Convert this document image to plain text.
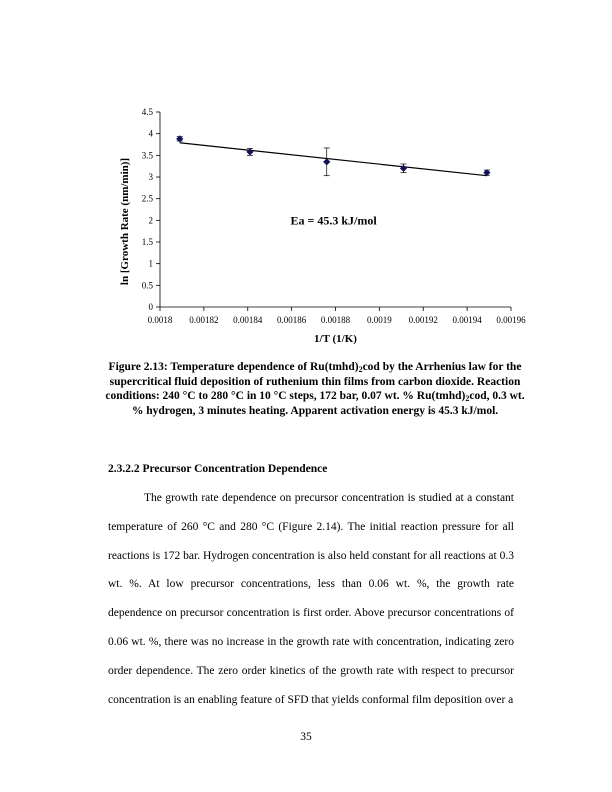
0
0.5
1
1.5
2
2.5
3
3.5
4
4.5
0.0018 0.00182 0.00184 0.00186 0.00188 0.0019 0.00192 0.00194 0.00196
Ea = 45.3 kJ/mol
1/T (1/K)
ln [Growth Rate (nm/min)]
Figure 2.13: Temperature dependence of $Ru(tmhd)_2cod$ by the Arrhenius law for the supercritical fluid deposition of ruthenium thin films from carbon dioxide. Reaction conditions: 240 °C to 280 °C in 10 °C steps, 172 bar, 0.07 wt. % $Ru(tmhd)_2cod$, 0.3 wt. % hydrogen, 3 minutes heating. Apparent activation energy is 45.3 kJ/mol.
2.3.2.2 Precursor Concentration Dependence

The growth rate dependence on precursor concentration is studied at a constant temperature of 260 °C and 280 °C (Figure 2.14). The initial reaction pressure for all reactions is 172 bar. Hydrogen concentration is also held constant for all reactions at 0.3 wt. %. At low precursor concentrations, less than 0.06 wt. %, the growth rate dependence on precursor concentration is first order. Above precursor concentrations of 0.06 wt. %, there was no increase in the growth rate with concentration, indicating zero order dependence. The zero order kinetics of the growth rate with respect to precursor concentration is an enabling feature of SFD that yields conformal film deposition over a

35
